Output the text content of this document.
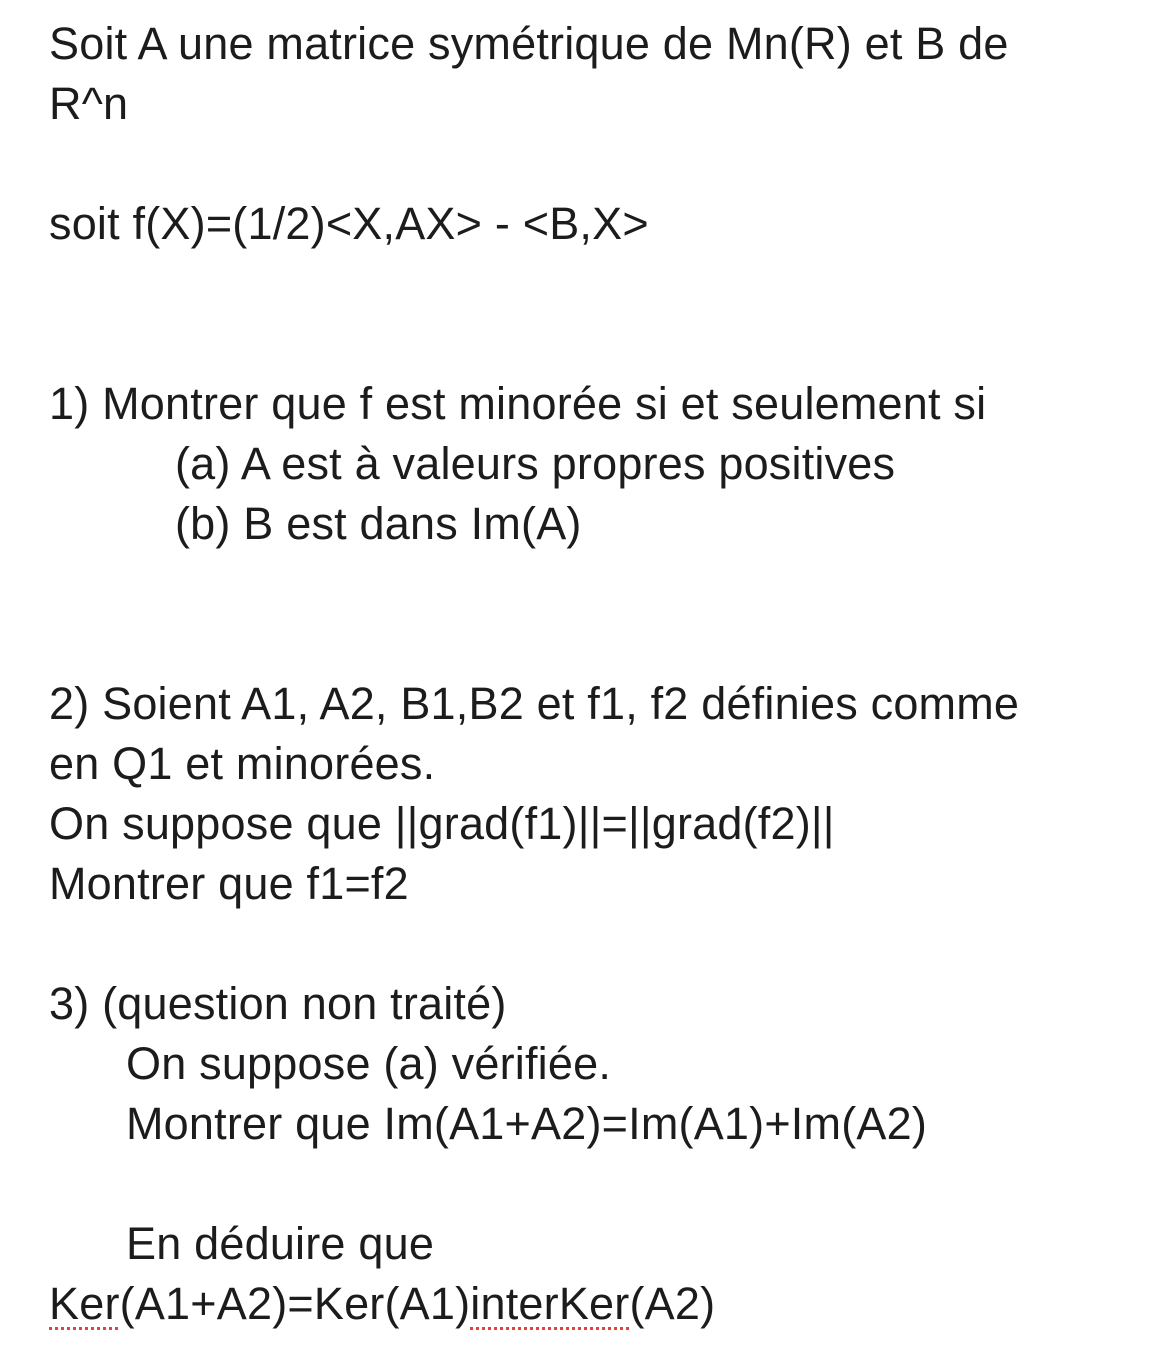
Soit A une matrice symétrique de Mn(R) et B de
R^n
soit f(X)=(1/2)<X,AX> - <B,X>
1) Montrer que f est minorée si et seulement si
(a) A est à valeurs propres positives
(b) B est dans Im(A)
2) Soient A1, A2, B1,B2 et f1, f2 définies comme
en Q1 et minorées.
On suppose que ||grad(f1)||=||grad(f2)||
Montrer que f1=f2
3) (question non traité)
On suppose (a) vérifiée.
Montrer que Im(A1+A2)=Im(A1)+Im(A2)
En déduire que
Ker(A1+A2)=Ker(A1)interKer(A2)
